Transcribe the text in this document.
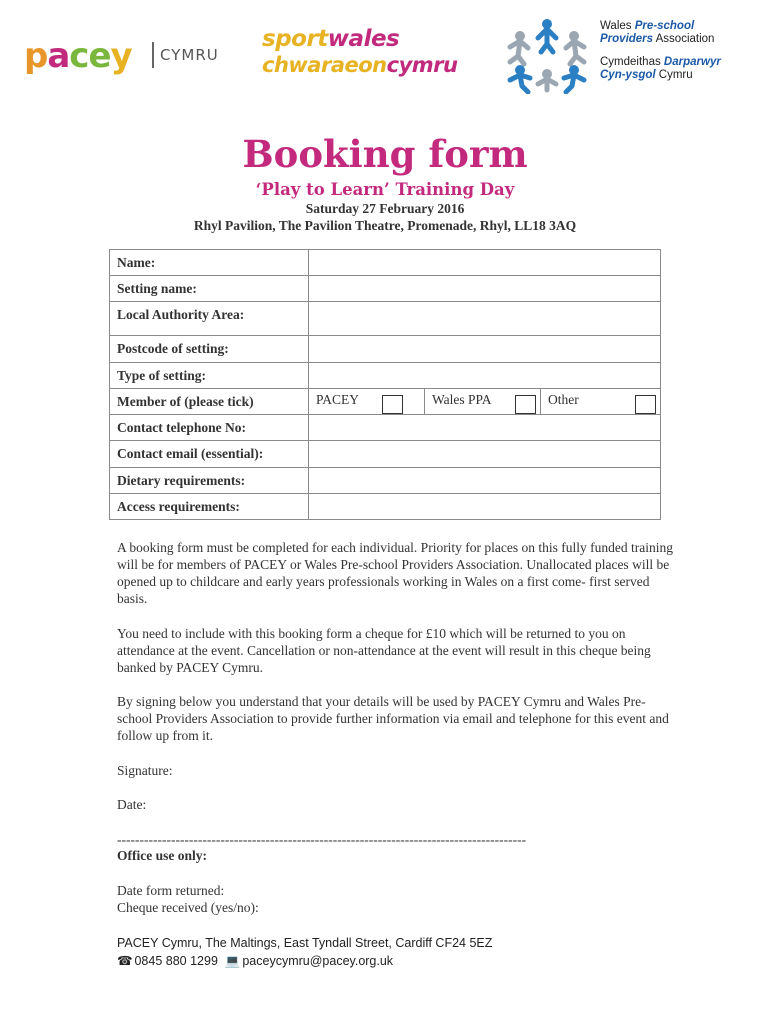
pacey CYMRU
sportwales
chwaraeoncymru
Wales Pre-school
Providers Association
Cymdeithas Darparwyr
Cyn-ysgol Cymru
Booking form
‘Play to Learn’ Training Day
Saturday 27 February 2016
Rhyl Pavilion, The Pavilion Theatre, Promenade, Rhyl, LL18 3AQ
Name:			
Setting name:			
Local Authority Area:			
Postcode of setting:			
Type of setting:			
Member of (please tick)	PACEY	Wales PPA	Other
Contact telephone No:			
Contact email (essential):			
Dietary requirements:			
Access requirements:			

A booking form must be completed for each individual. Priority for places on this fully funded training will be for members of PACEY or Wales Pre-school Providers Association. Unallocated places will be opened up to childcare and early years professionals working in Wales on a first come- first served basis.

You need to include with this booking form a cheque for £10 which will be returned to you on attendance at the event. Cancellation or non-attendance at the event will result in this cheque being banked by PACEY Cymru.

By signing below you understand that your details will be used by PACEY Cymru and Wales Pre-school Providers Association to provide further information via email and telephone for this event and follow up from it.

Signature:

Date:

-------------------------------------------------------------------------------------------
Office use only:

Date form returned:

Cheque received (yes/no):

PACEY Cymru, The Maltings, East Tyndall Street, Cardiff CF24 5EZ
☎ 0845 880 1299 💻 paceycymru@pacey.org.uk
